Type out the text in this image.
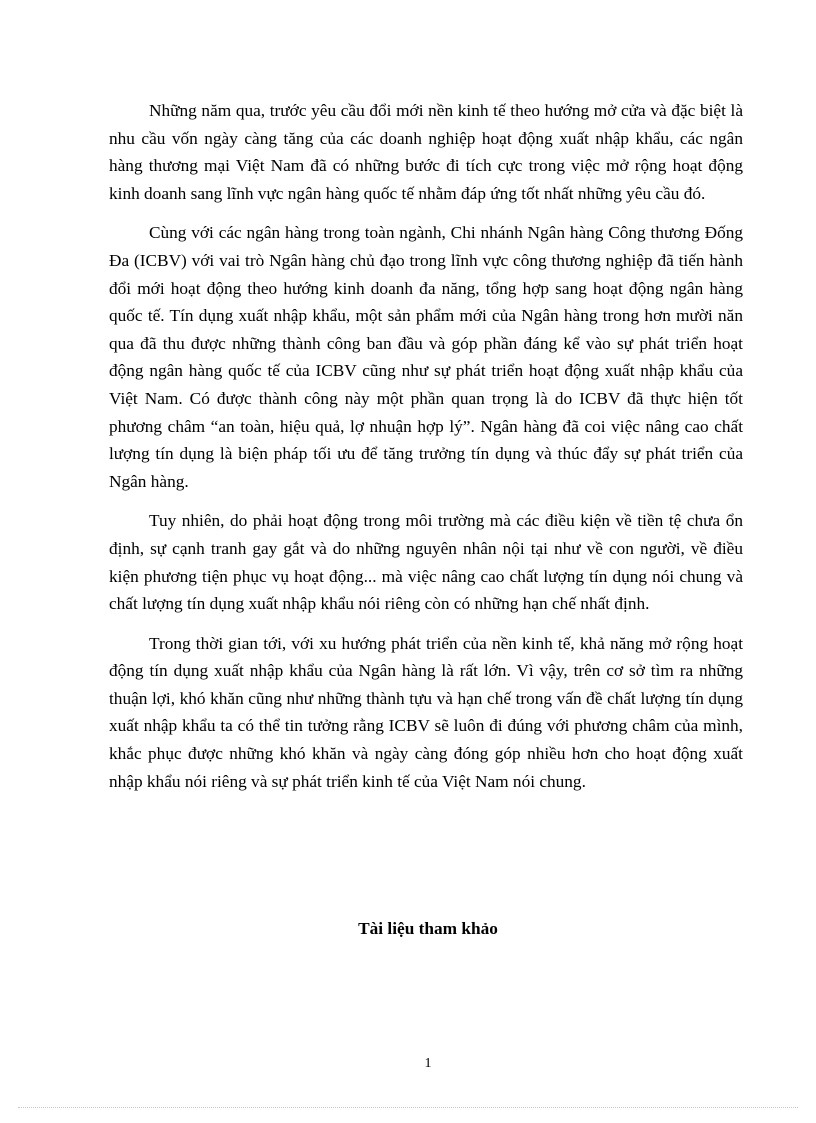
Những năm qua, trước yêu cầu đổi mới nền kinh tế theo hướng mở cửa và đặc biệt là nhu cầu vốn ngày càng tăng của các doanh nghiệp hoạt động xuất nhập khẩu, các ngân hàng thương mại Việt Nam đã có những bước đi tích cực trong việc mở rộng hoạt động kinh doanh sang lĩnh vực ngân hàng quốc tế nhằm đáp ứng tốt nhất những yêu cầu đó.

Cùng với các ngân hàng trong toàn ngành, Chi nhánh Ngân hàng Công thương Đống Đa (ICBV) với vai trò Ngân hàng chủ đạo trong lĩnh vực công thương nghiệp đã tiến hành đổi mới hoạt động theo hướng kinh doanh đa năng, tổng hợp sang hoạt động ngân hàng quốc tế. Tín dụng xuất nhập khẩu, một sản phẩm mới của Ngân hàng trong hơn mười năn qua đã thu được những thành công ban đầu và góp phần đáng kể vào sự phát triển hoạt động ngân hàng quốc tế của ICBV cũng như sự phát triển hoạt động xuất nhập khẩu của Việt Nam. Có được thành công này một phần quan trọng là do ICBV đã thực hiện tốt phương châm “an toàn, hiệu quả, lợ nhuận hợp lý”. Ngân hàng đã coi việc nâng cao chất lượng tín dụng là biện pháp tối ưu để tăng trưởng tín dụng và thúc đẩy sự phát triển của Ngân hàng.

Tuy nhiên, do phải hoạt động trong môi trường mà các điều kiện về tiền tệ chưa ổn định, sự cạnh tranh gay gắt và do những nguyên nhân nội tại như về con người, về điều kiện phương tiện phục vụ hoạt động... mà việc nâng cao chất lượng tín dụng nói chung và chất lượng tín dụng xuất nhập khẩu nói riêng còn có những hạn chế nhất định.

Trong thời gian tới, với xu hướng phát triển của nền kinh tế, khả năng mở rộng hoạt động tín dụng xuất nhập khẩu của Ngân hàng là rất lớn. Vì vậy, trên cơ sở tìm ra những thuận lợi, khó khăn cũng như những thành tựu và hạn chế trong vấn đề chất lượng tín dụng xuất nhập khẩu ta có thể tin tưởng rằng ICBV sẽ luôn đi đúng với phương châm của mình, khắc phục được những khó khăn và ngày càng đóng góp nhiều hơn cho hoạt động xuất nhập khẩu nói riêng và sự phát triển kinh tế của Việt Nam nói chung.

Tài liệu tham khảo
1
